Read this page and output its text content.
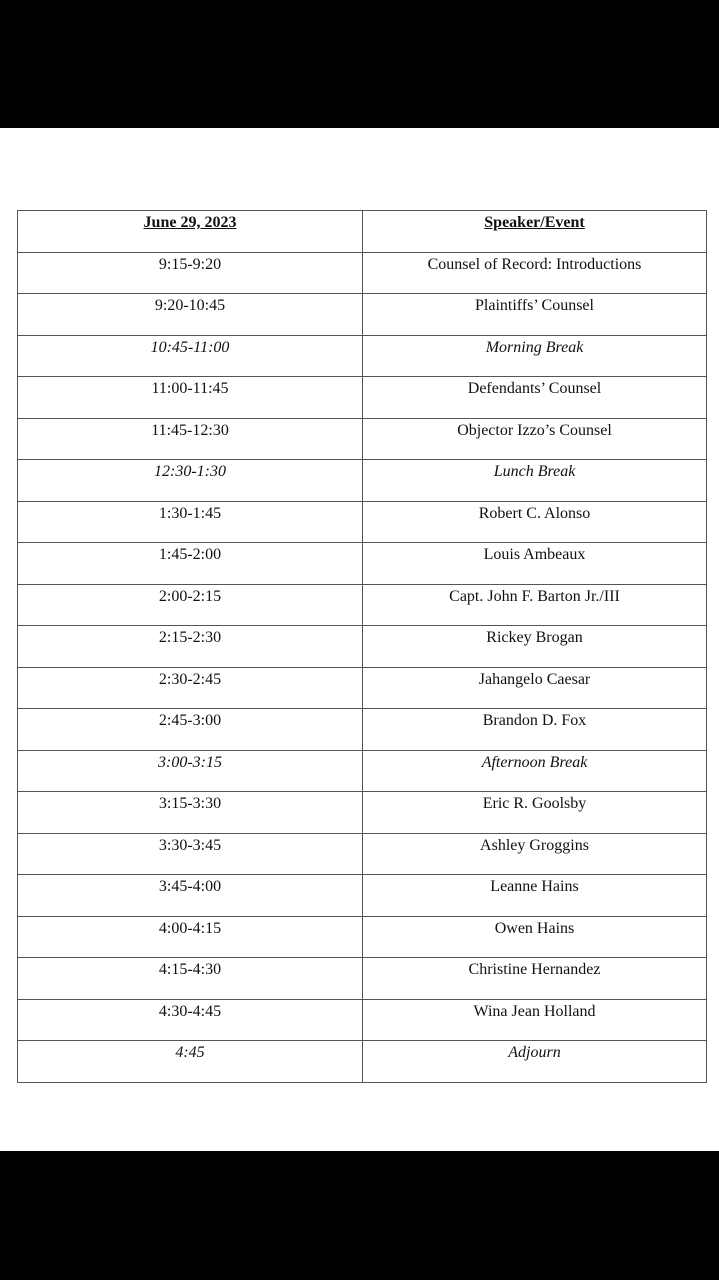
June 29, 2023	Speaker/Event
9:15-9:20	Counsel of Record: Introductions
9:20-10:45	Plaintiffs’ Counsel
10:45-11:00	Morning Break
11:00-11:45	Defendants’ Counsel
11:45-12:30	Objector Izzo’s Counsel
12:30-1:30	Lunch Break
1:30-1:45	Robert C. Alonso
1:45-2:00	Louis Ambeaux
2:00-2:15	Capt. John F. Barton Jr./III
2:15-2:30	Rickey Brogan
2:30-2:45	Jahangelo Caesar
2:45-3:00	Brandon D. Fox
3:00-3:15	Afternoon Break
3:15-3:30	Eric R. Goolsby
3:30-3:45	Ashley Groggins
3:45-4:00	Leanne Hains
4:00-4:15	Owen Hains
4:15-4:30	Christine Hernandez
4:30-4:45	Wina Jean Holland
4:45	Adjourn
